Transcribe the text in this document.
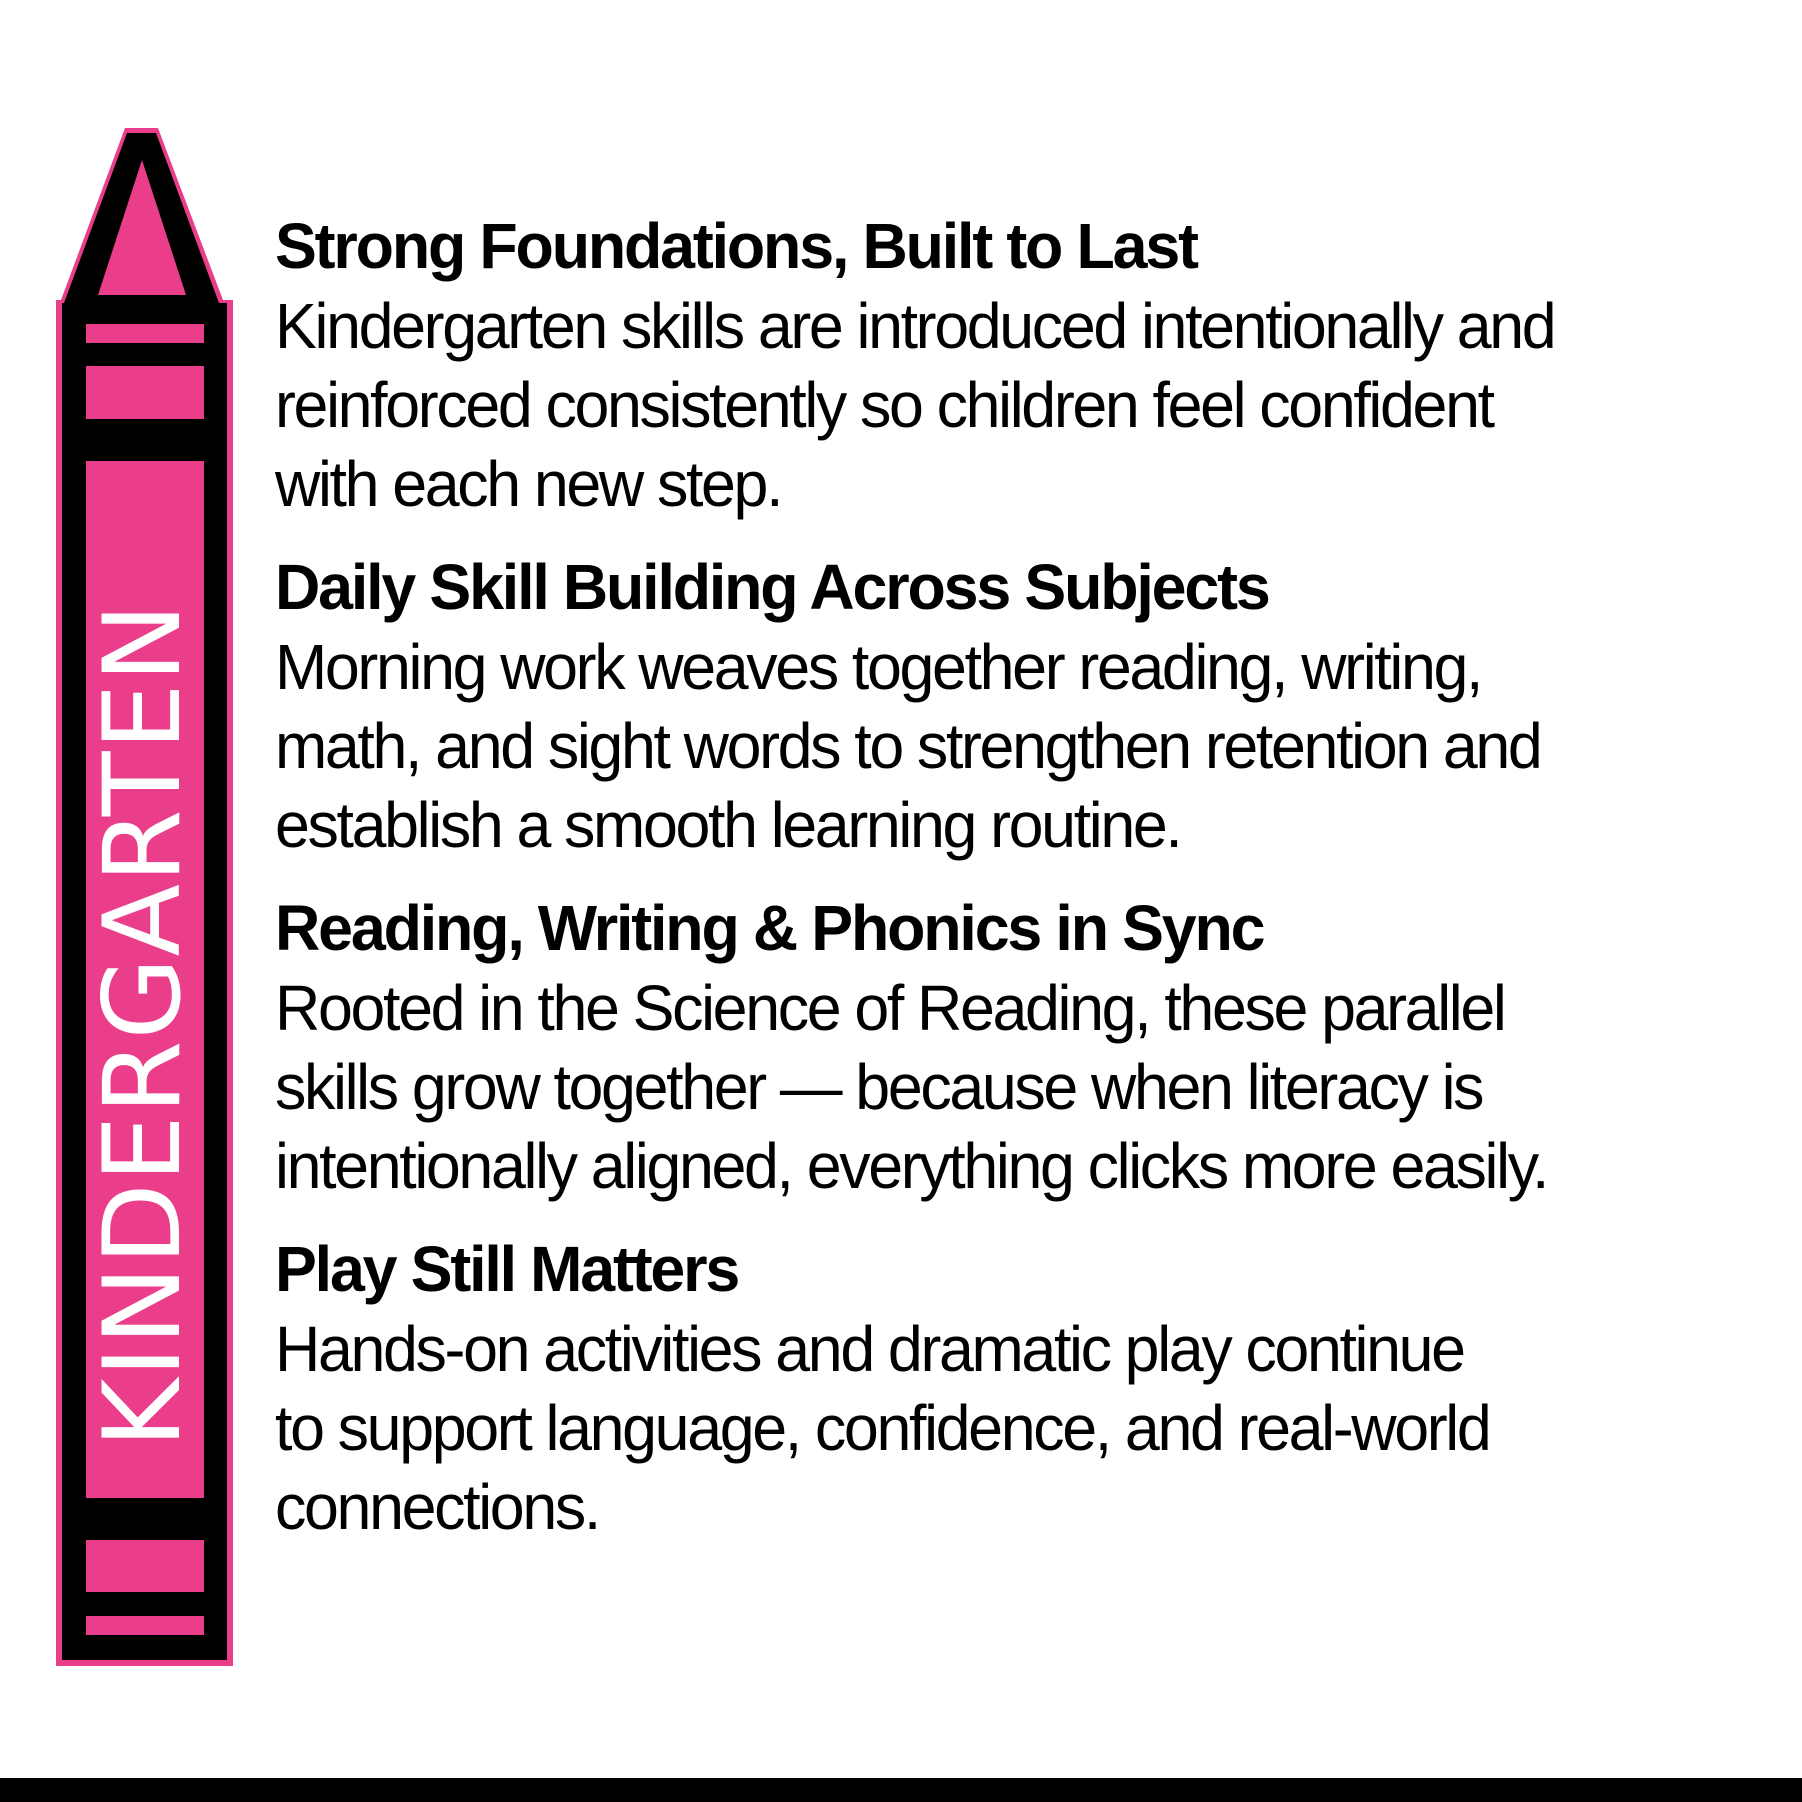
KINDERGARTEN
Strong Foundations, Built to Last
Kindergarten skills are introduced intentionally and
reinforced consistently so children feel confident
with each new step.
Daily Skill Building Across Subjects
Morning work weaves together reading, writing,
math, and sight words to strengthen retention and
establish a smooth learning routine.
Reading, Writing & Phonics in Sync
Rooted in the Science of Reading, these parallel
skills grow together — because when literacy is
intentionally aligned, everything clicks more easily.
Play Still Matters
Hands-on activities and dramatic play continue
to support language, confidence, and real-world
connections.
